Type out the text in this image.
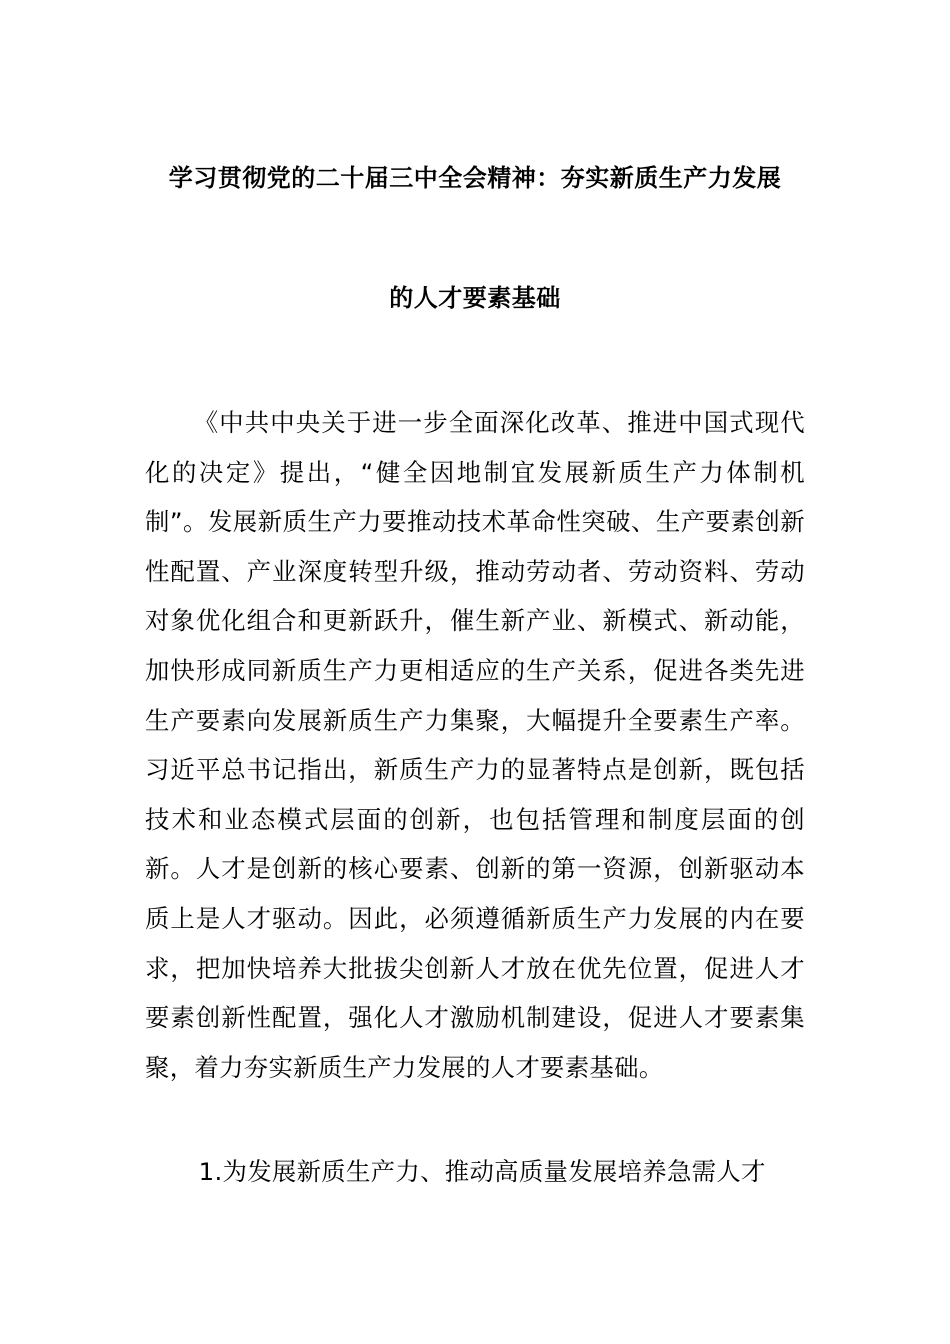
学习贯彻党的二十届三中全会精神：夯实新质生产力发展
的人才要素基础

《中共中央关于进一步全面深化改革、推进中国式现代化的决定》提出，“健全因地制宜发展新质生产力体制机制”。发展新质生产力要推动技术革命性突破、生产要素创新性配置、产业深度转型升级，推动劳动者、劳动资料、劳动对象优化组合和更新跃升，催生新产业、新模式、新动能，加快形成同新质生产力更相适应的生产关系，促进各类先进生产要素向发展新质生产力集聚，大幅提升全要素生产率。习近平总书记指出，新质生产力的显著特点是创新，既包括技术和业态模式层面的创新，也包括管理和制度层面的创新。人才是创新的核心要素、创新的第一资源，创新驱动本质上是人才驱动。因此，必须遵循新质生产力发展的内在要求，把加快培养大批拔尖创新人才放在优先位置，促进人才要素创新性配置，强化人才激励机制建设，促进人才要素集聚，着力夯实新质生产力发展的人才要素基础。

1.为发展新质生产力、推动高质量发展培养急需人才
